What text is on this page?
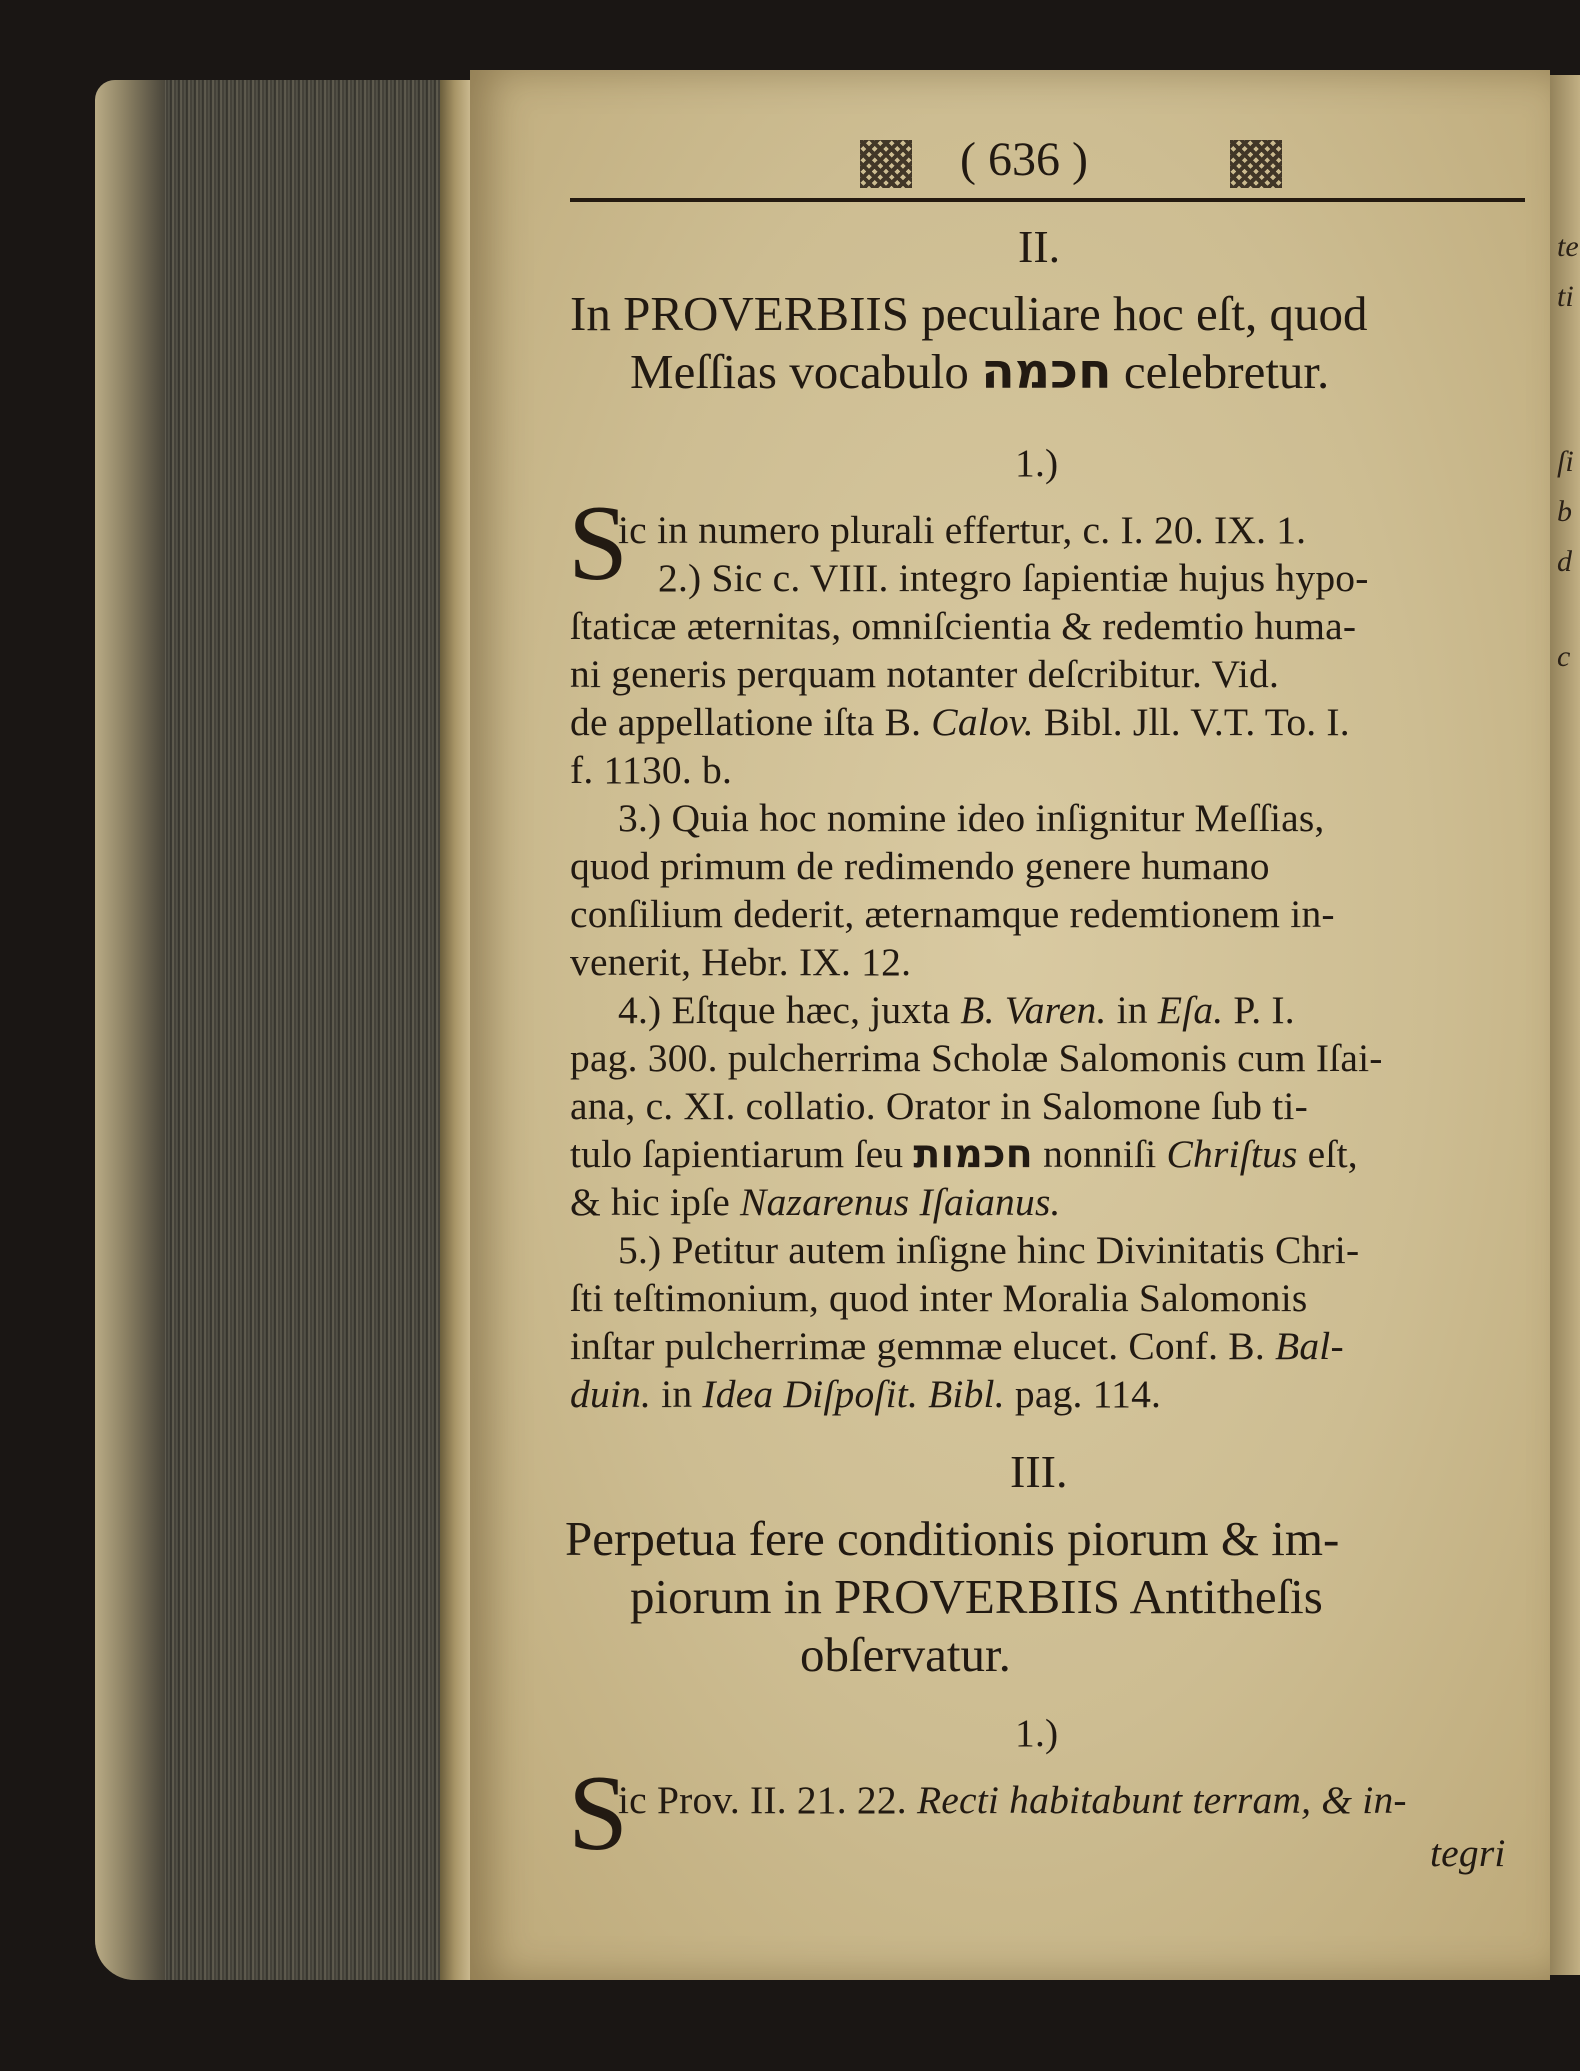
te
ti
ſi
b
d
c
( 636 )
II.
In PROVERBIIS peculiare hoc eſt, quod
Meſſias vocabulo חכמה celebretur.
1.)
S
ic in numero plurali effertur, c. I. 20. IX. 1.
2.) Sic c. VIII. integro ſapientiæ hujus hypo-
ſtaticæ æternitas, omniſcientia & redemtio huma-
ni generis perquam notanter deſcribitur. Vid.
de appellatione iſta B. Calov. Bibl. Jll. V.T. To. I.
f. 1130. b.
3.) Quia hoc nomine ideo inſignitur Meſſias,
quod primum de redimendo genere humano
conſilium dederit, æternamque redemtionem in-
venerit, Hebr. IX. 12.
4.) Eſtque hæc, juxta B. Varen. in Eſa. P. I.
pag. 300. pulcherrima Scholæ Salomonis cum Iſai-
ana, c. XI. collatio. Orator in Salomone ſub ti-
tulo ſapientiarum ſeu חכמות nonniſi Chriſtus eſt,
& hic ipſe Nazarenus Iſaianus.
5.) Petitur autem inſigne hinc Divinitatis Chri-
ſti teſtimonium, quod inter Moralia Salomonis
inſtar pulcherrimæ gemmæ elucet. Conf. B. Bal-
duin. in Idea Diſpoſit. Bibl. pag. 114.
III.
Perpetua fere conditionis piorum & im-
piorum in PROVERBIIS Antitheſis
obſervatur.
1.)
S
ic Prov. II. 21. 22. Recti habitabunt terram, & in-
tegri
